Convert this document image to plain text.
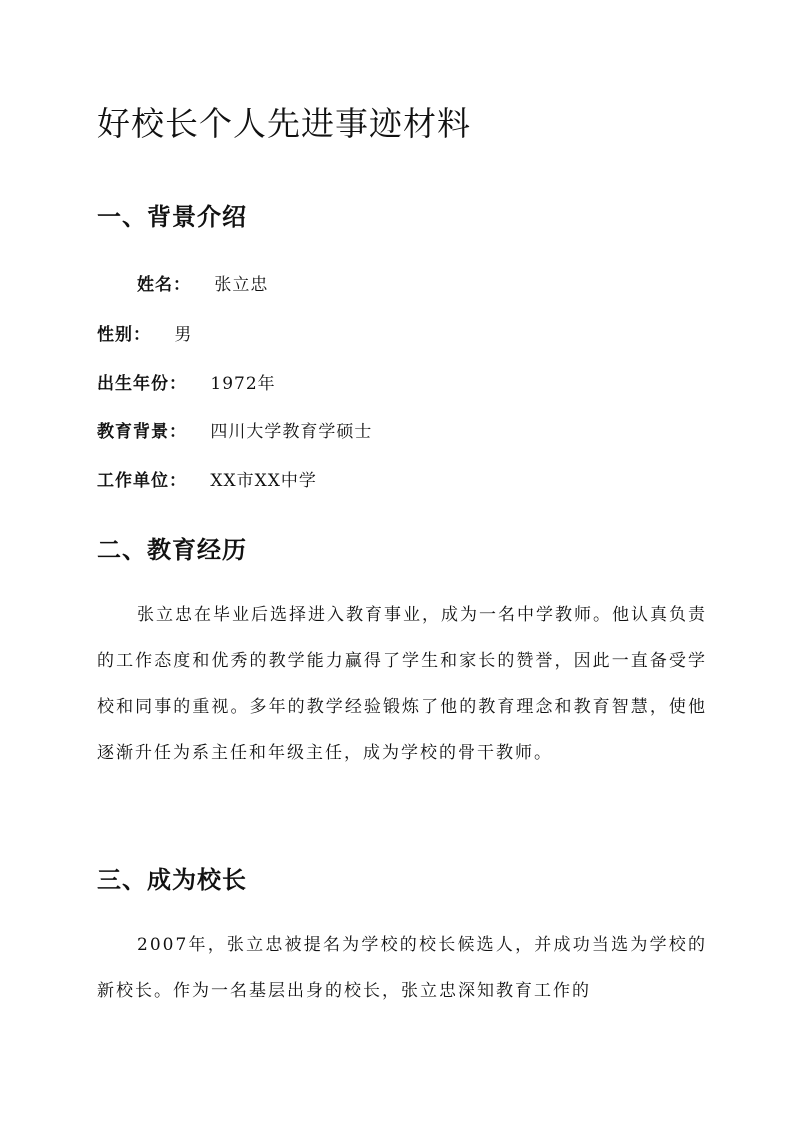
好校长个人先进事迹材料
一、背景介绍
姓名： 张立忠
性别： 男
出生年份： 1972年
教育背景： 四川大学教育学硕士
工作单位： XX市XX中学
二、教育经历

张立忠在毕业后选择进入教育事业，成为一名中学教师。他认真负责的工作态度和优秀的教学能力赢得了学生和家长的赞誉，因此一直备受学校和同事的重视。多年的教学经验锻炼了他的教育理念和教育智慧，使他逐渐升任为系主任和年级主任，成为学校的骨干教师。

三、成为校长

2007年，张立忠被提名为学校的校长候选人，并成功当选为学校的新校长。作为一名基层出身的校长，张立忠深知教育工作的
